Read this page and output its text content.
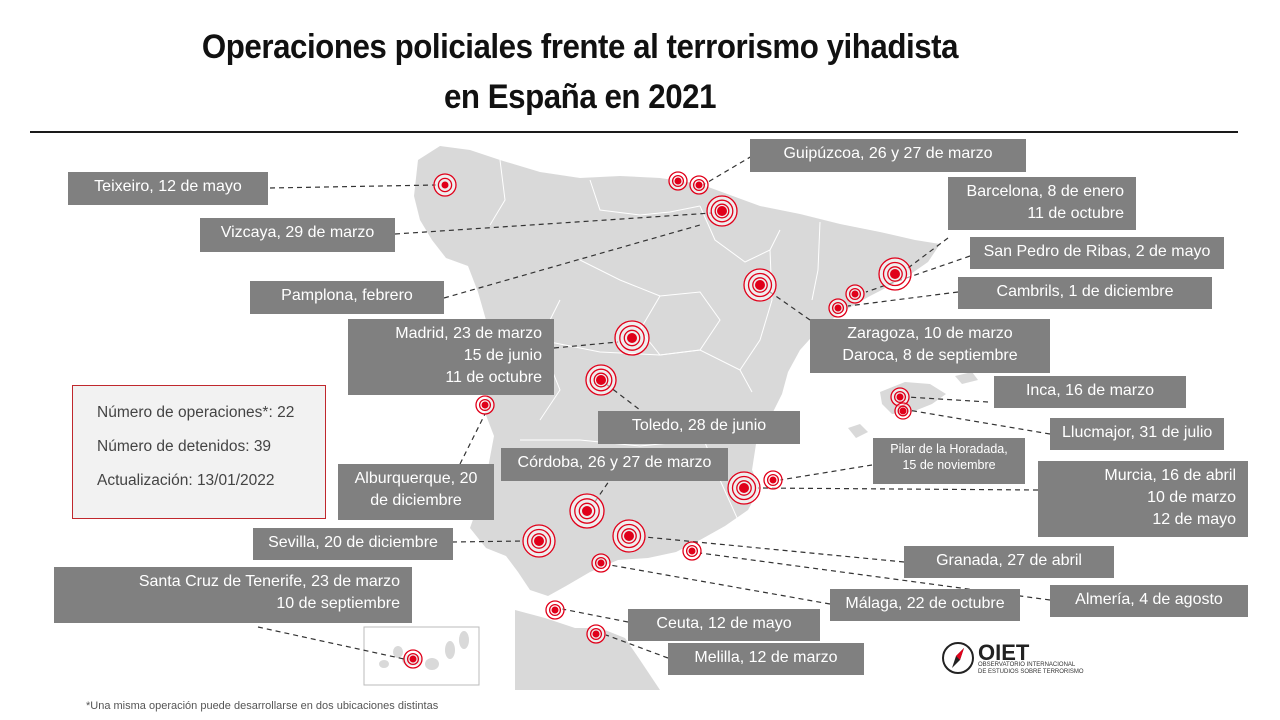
Operaciones policiales frente al terrorismo yihadista
en España en 2021
Teixeiro, 12 de mayo
Vizcaya, 29 de marzo
Guipúzcoa, 26 y 27 de marzo
Pamplona, febrero
Barcelona, 8 de enero
11 de octubre
San Pedro de Ribas, 2 de mayo
Cambrils, 1 de diciembre
Madrid, 23 de marzo
15 de junio
11 de octubre
Zaragoza, 10 de marzo
Daroca, 8 de septiembre
Inca, 16 de marzo
Toledo, 28 de junio	Llucmajor, 31 de julio
Pilar de la Horadada,
15 de noviembre
Córdoba, 26 y 27 de marzo
Alburquerque, 20
de diciembre
Murcia, 16 de abril
10 de marzo
12 de mayo
Sevilla, 20 de diciembre
Granada, 27 de abril
Santa Cruz de Tenerife, 23 de marzo
10 de septiembre	Málaga, 22 de octubre	Almería, 4 de agosto
Ceuta, 12 de mayo
Melilla, 12 de marzo
Número de operaciones*: 22
Número de detenidos: 39
Actualización: 13/01/2022
OIET
OBSERVATORIO INTERNACIONAL
DE ESTUDIOS SOBRE TERRORISMO
*Una misma operación puede desarrollarse en dos ubicaciones distintas
